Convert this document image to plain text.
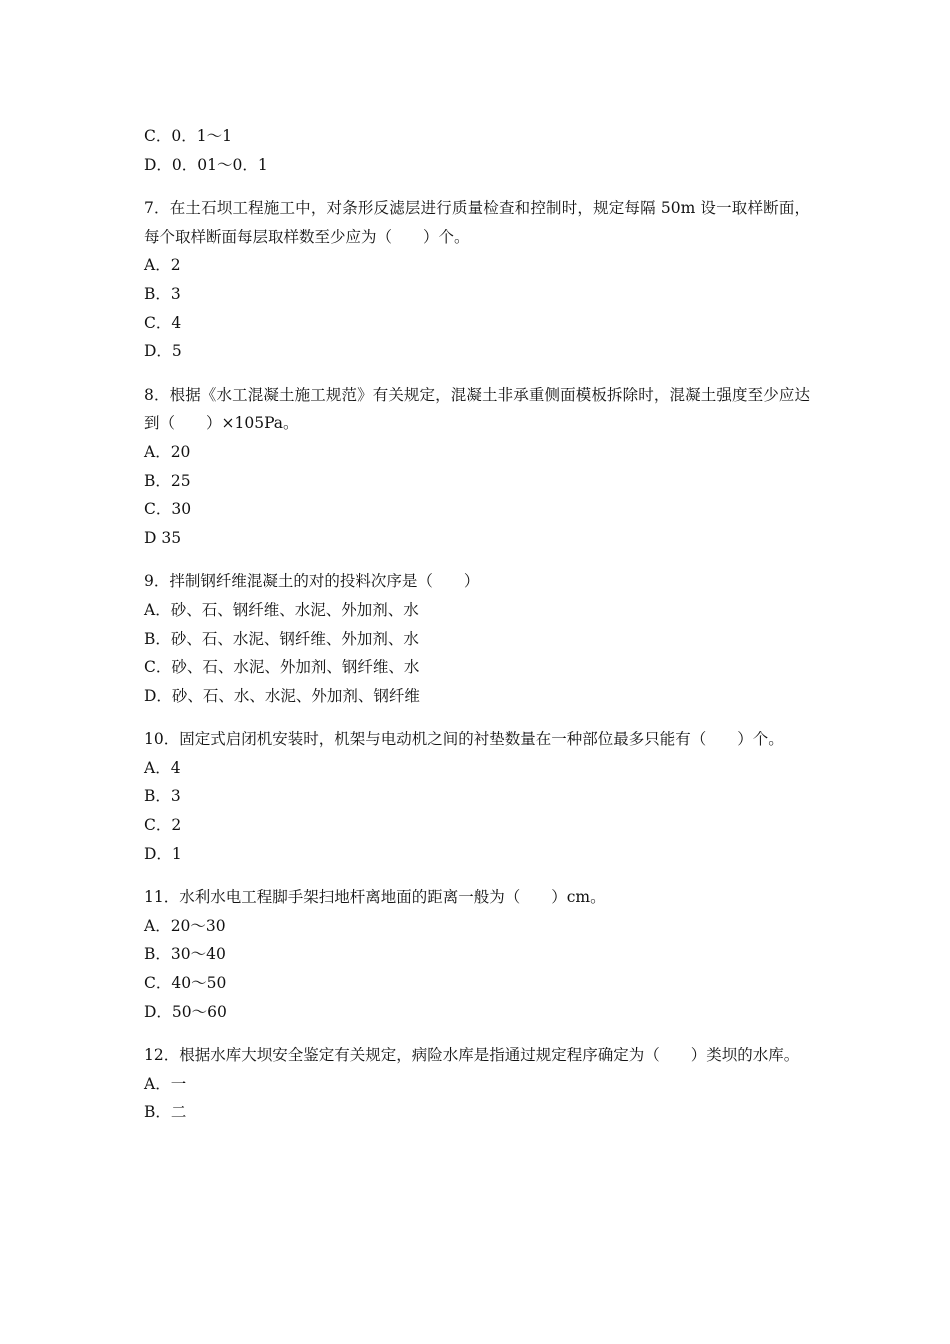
C．0．1～1
D．0．01～0．1
7．在土石坝工程施工中，对条形反滤层进行质量检查和控制时，规定每隔 50m 设一取样断面，每个取样断面每层取样数至少应为（　　）个。
A．2
B．3
C．4
D．5
8．根据《水工混凝土施工规范》有关规定，混凝土非承重侧面模板拆除时，混凝土强度至少应达到（　　）×105Pa。
A．20
B．25
C．30
D 35
9．拌制钢纤维混凝土的对的投料次序是（　　）
A．砂、石、钢纤维、水泥、外加剂、水
B．砂、石、水泥、钢纤维、外加剂、水
C．砂、石、水泥、外加剂、钢纤维、水
D．砂、石、水、水泥、外加剂、钢纤维
10．固定式启闭机安装时，机架与电动机之间的衬垫数量在一种部位最多只能有（　　）个。
A．4
B．3
C．2
D．1
11．水利水电工程脚手架扫地杆离地面的距离一般为（　　）cm。
A．20～30
B．30～40
C．40～50
D．50～60
12．根据水库大坝安全鉴定有关规定，病险水库是指通过规定程序确定为（　　）类坝的水库。
A．一
B．二
